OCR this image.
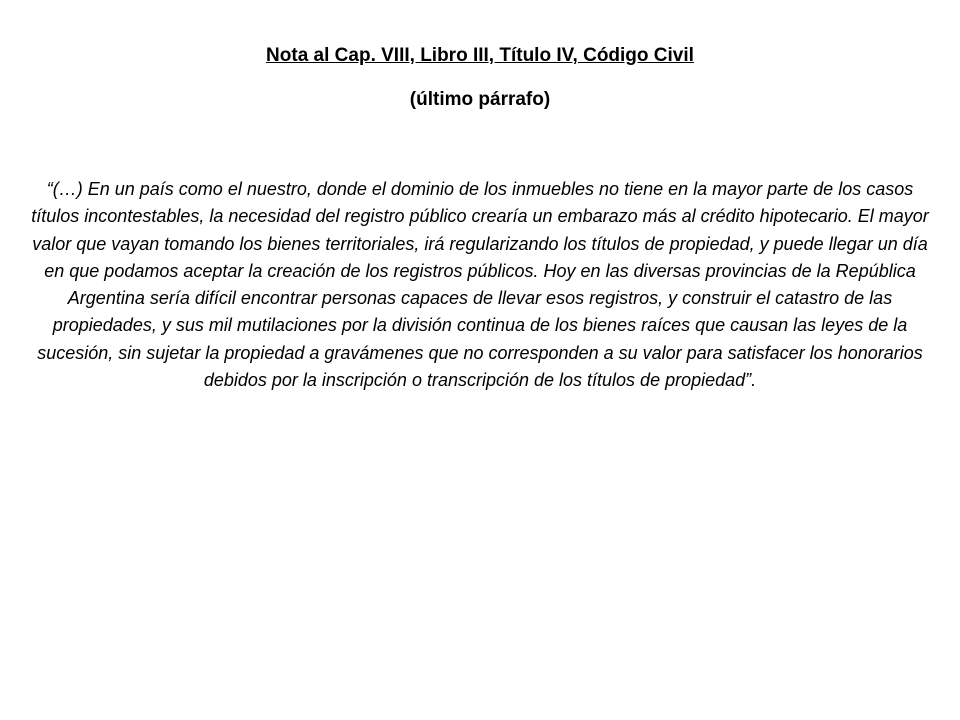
Nota al Cap. VIII, Libro III, Título IV, Código Civil
(último párrafo)

“(…) En un país como el nuestro, donde el dominio de los inmuebles no tiene en la mayor parte de los casos títulos incontestables, la necesidad del registro público crearía un embarazo más al crédito hipotecario. El mayor valor que vayan tomando los bienes territoriales, irá regularizando los títulos de propiedad, y puede llegar un día en que podamos aceptar la creación de los registros públicos. Hoy en las diversas provincias de la República Argentina sería difícil encontrar personas capaces de llevar esos registros, y construir el catastro de las propiedades, y sus mil mutilaciones por la división continua de los bienes raíces que causan las leyes de la sucesión, sin sujetar la propiedad a gravámenes que no corresponden a su valor para satisfacer los honorarios debidos por la inscripción o transcripción de los títulos de propiedad”.
